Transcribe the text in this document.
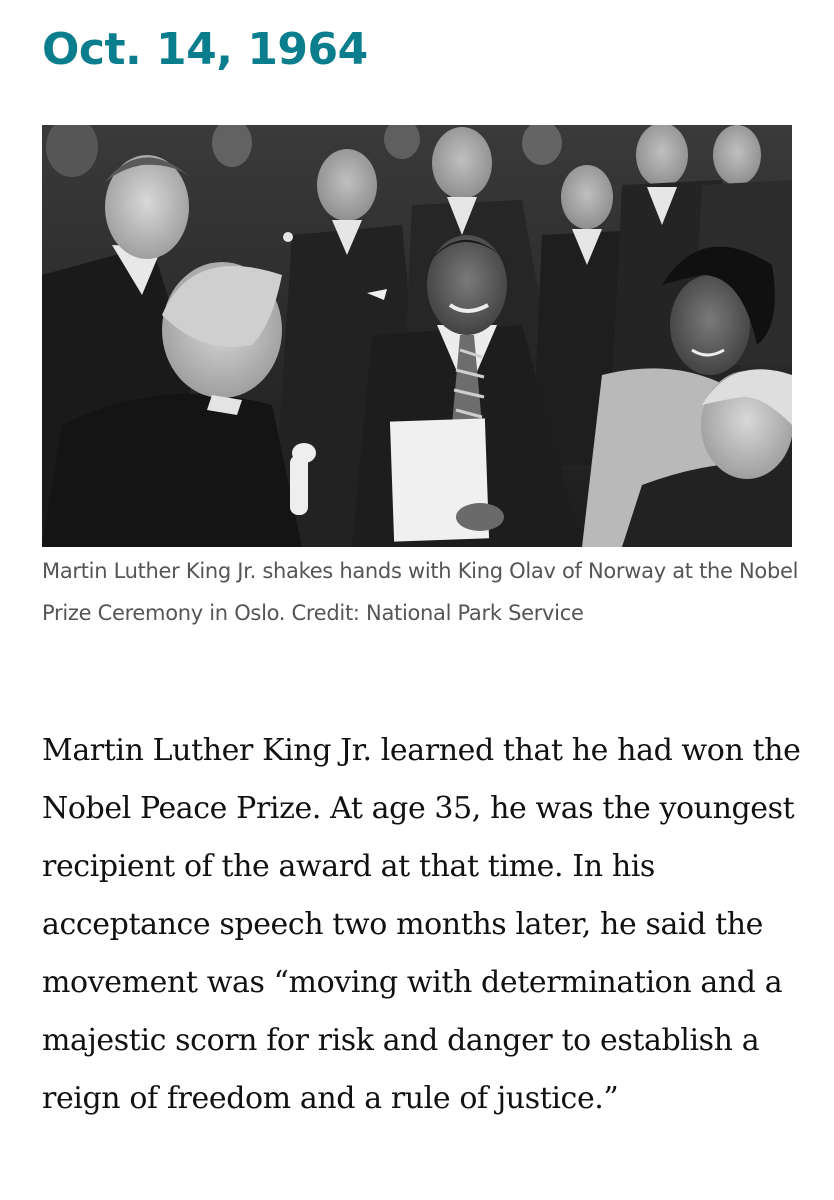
Oct. 14, 1964

Martin Luther King Jr. shakes hands with King Olav of Norway at the Nobel Prize Ceremony in Oslo. Credit: National Park Service

Martin Luther King Jr. learned that he had won the Nobel Peace Prize. At age 35, he was the youngest recipient of the award at that time. In his acceptance speech two months later, he said the movement was “moving with determination and a majestic scorn for risk and danger to establish a reign of freedom and a rule of justice.”
